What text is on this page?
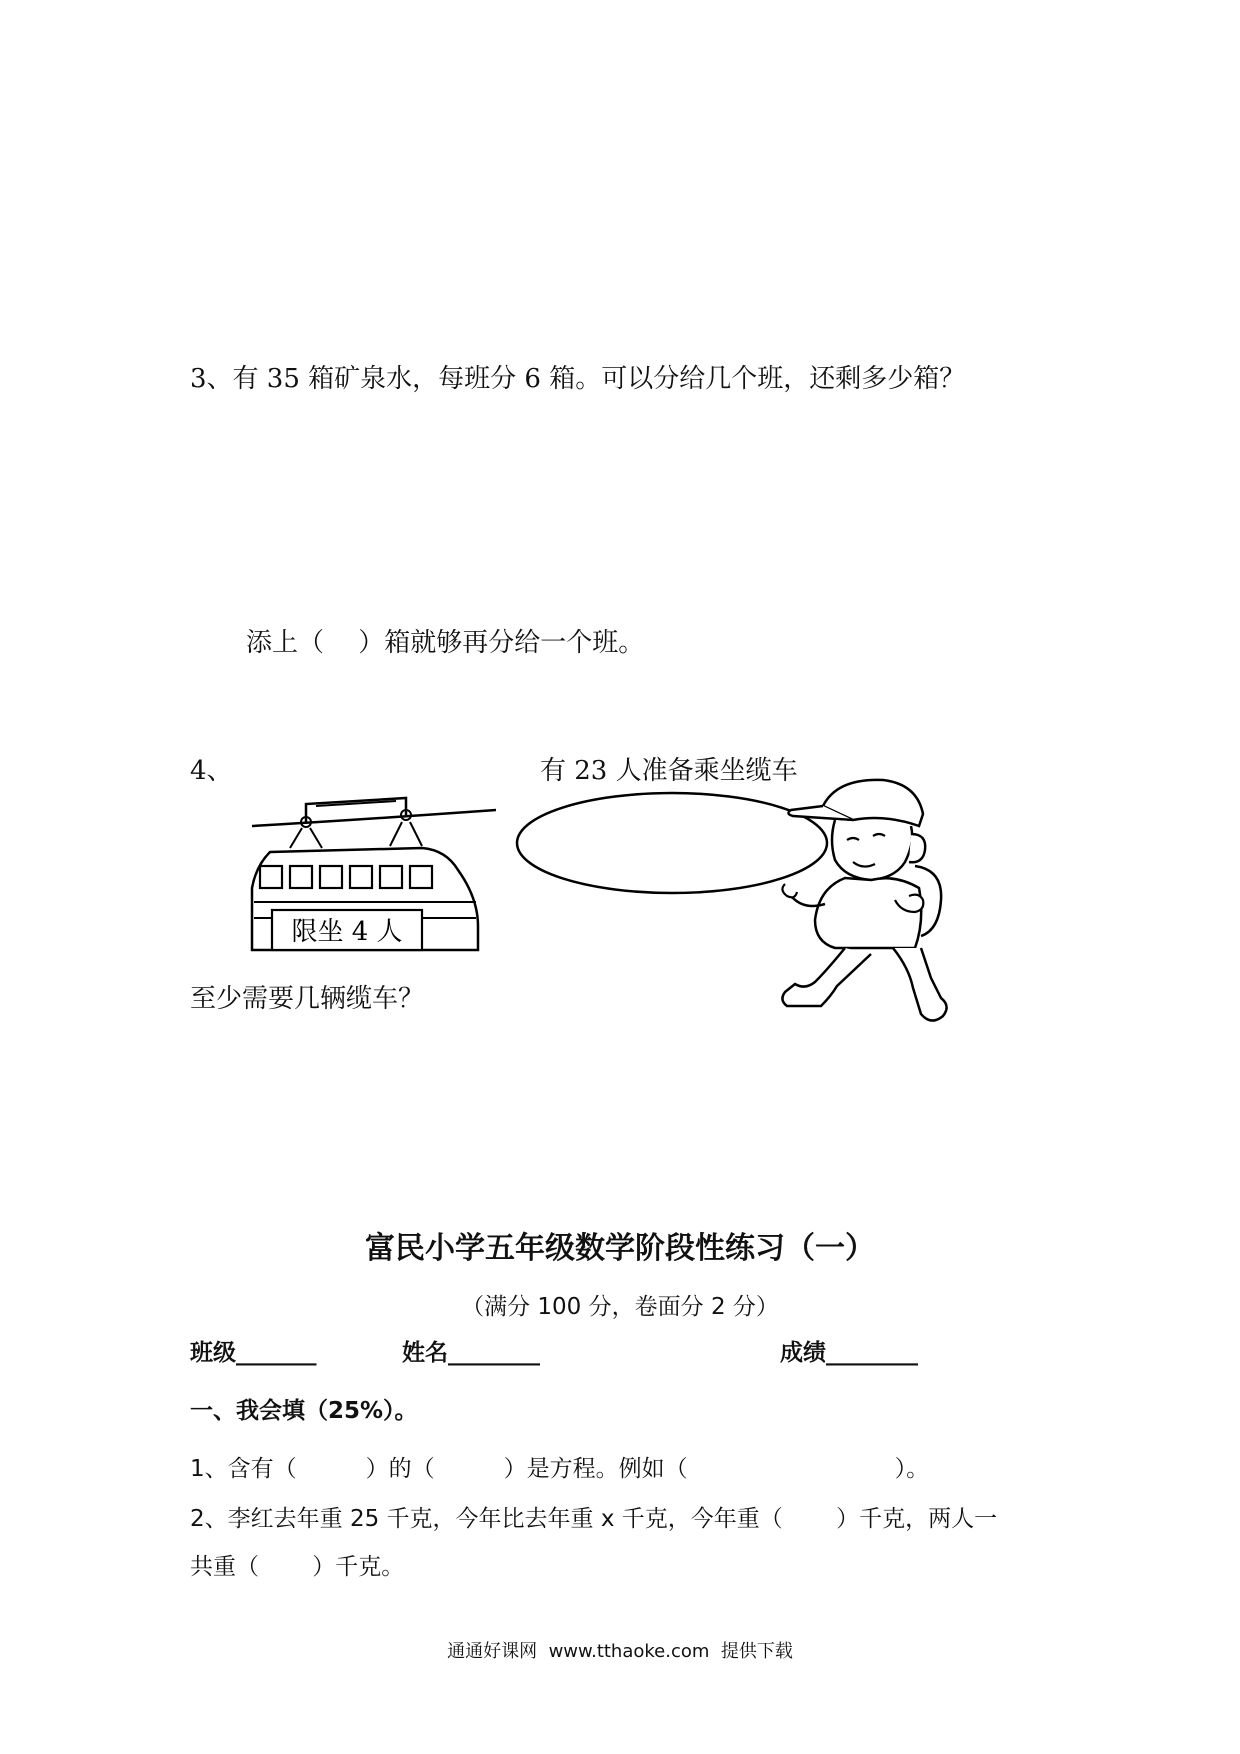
3、有 35 箱矿泉水，每班分 6 箱。可以分给几个班，还剩多少箱？
添上（　 ）箱就够再分给一个班。
4、	有 23 人准备乘坐缆车
限坐 4 人
至少需要几辆缆车？
富民小学五年级数学阶段性练习（一）
（满分 100 分，卷面分 2 分）
班级_______	姓名________	成绩________
一、我会填（25%）。
1、含有（　　　）的（　　　）是方程。例如（　　　　　　　　　）。
2、李红去年重 25 千克，今年比去年重 x 千克，今年重（　　 ）千克，两人一
共重（　　 ）千克。
通通好课网  www.tthaoke.com  提供下载
